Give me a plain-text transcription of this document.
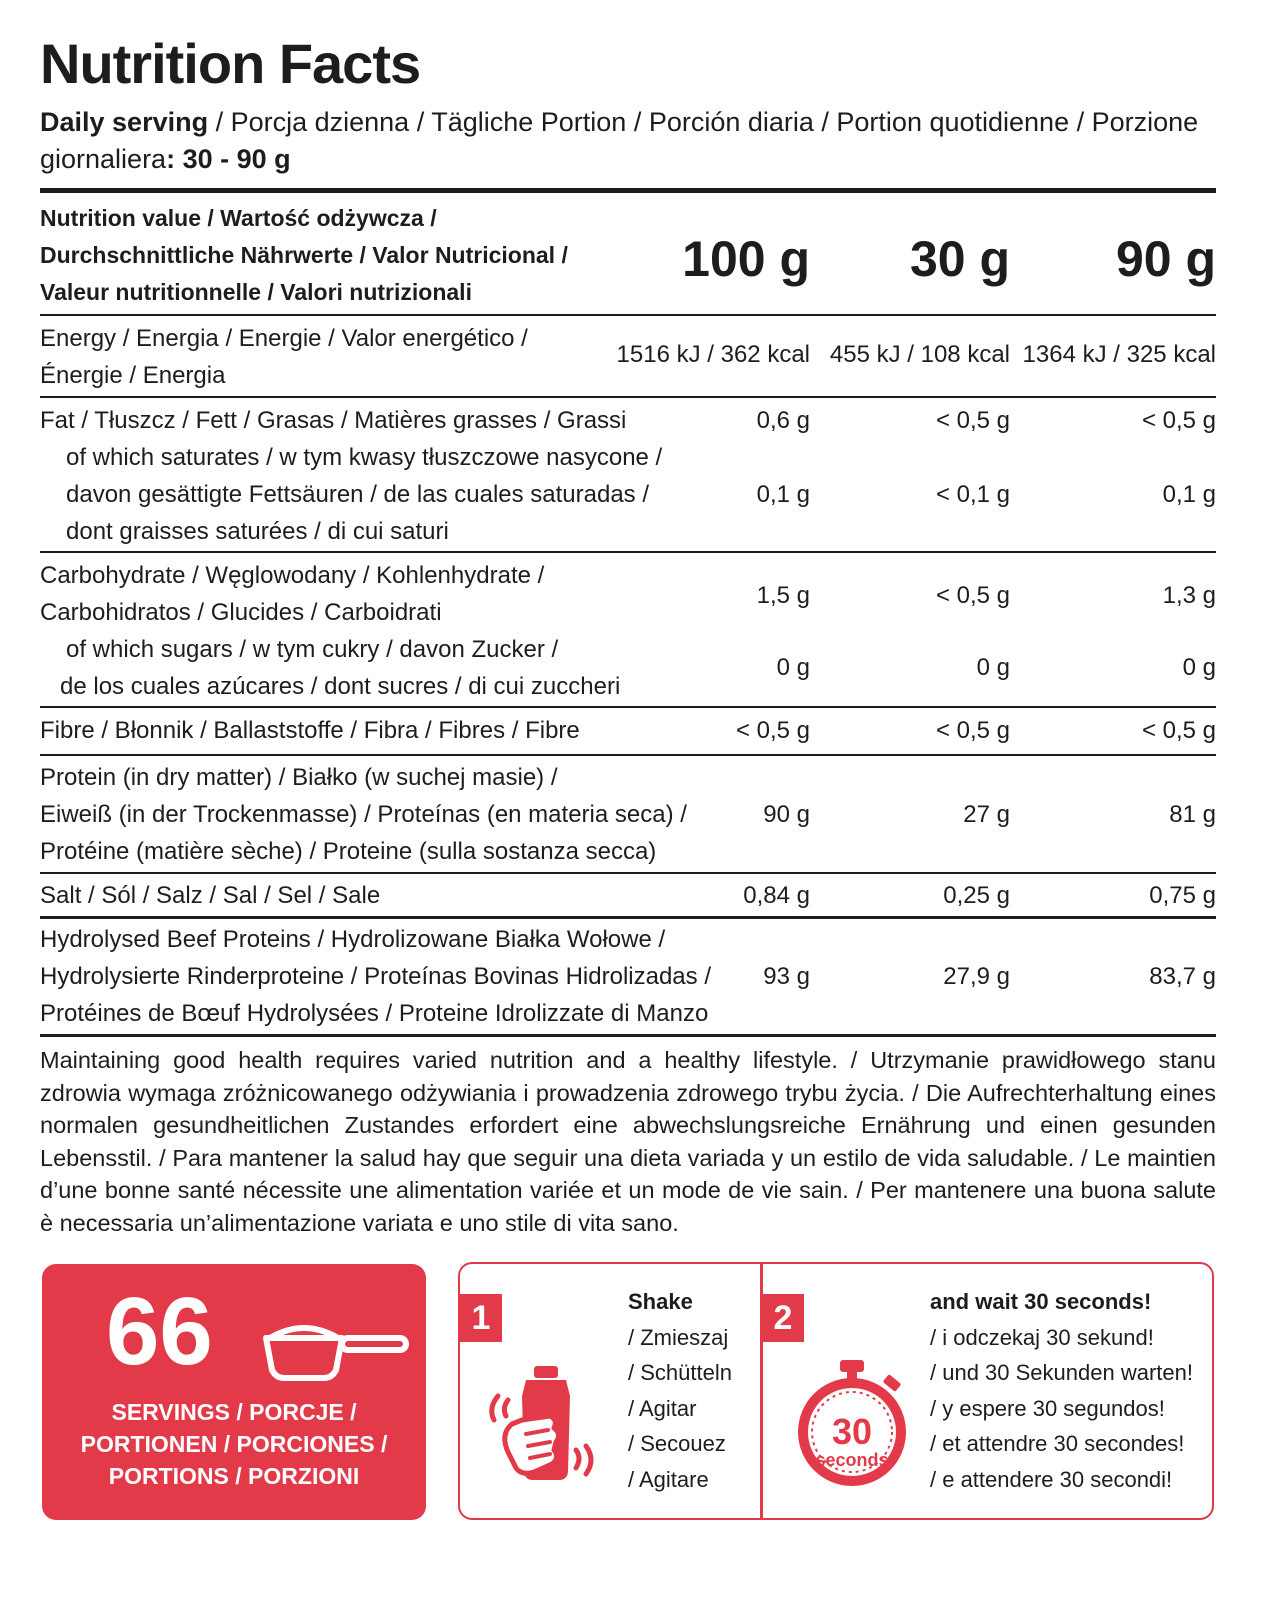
Nutrition Facts
Daily serving / Porcja dzienna / Tägliche Portion / Porción diaria / Portion quotidienne / Porzione giornaliera: 30 - 90 g
Nutrition value / Wartość odżywcza /
Durchschnittliche Nährwerte / Valor Nutricional /
Valeur nutritionnelle / Valori nutrizionali
100 g 30 g 90 g
Energy / Energia / Energie / Valor energético /
Énergie / Energia
1516 kJ / 362 kcal 455 kJ / 108 kcal 1364 kJ / 325 kcal
Fat / Tłuszcz / Fett / Grasas / Matières grasses / Grassi	0,6 g	< 0,5 g	< 0,5 g
of which saturates / w tym kwasy tłuszczowe nasycone /
davon gesättigte Fettsäuren / de las cuales saturadas /
dont graisses saturées / di cui saturi
0,1 g	< 0,1 g	0,1 g
Carbohydrate / Węglowodany / Kohlenhydrate /
Carbohidratos / Glucides / Carboidrati
1,5 g	< 0,5 g	1,3 g
of which sugars / w tym cukry / davon Zucker /
de los cuales azúcares / dont sucres / di cui zuccheri
0 g	0 g	0 g
Fibre / Błonnik / Ballaststoffe / Fibra / Fibres / Fibre	< 0,5 g	< 0,5 g	< 0,5 g
Protein (in dry matter) / Białko (w suchej masie) /
Eiweiß (in der Trockenmasse) / Proteínas (en materia seca) /
Protéine (matière sèche) / Proteine (sulla sostanza secca)
90 g	27 g	81 g
Salt / Sól / Salz / Sal / Sel / Sale	0,84 g	0,25 g	0,75 g
Hydrolysed Beef Proteins / Hydrolizowane Białka Wołowe /
Hydrolysierte Rinderproteine / Proteínas Bovinas Hidrolizadas /
Protéines de Bœuf Hydrolysées / Proteine Idrolizzate di Manzo
93 g	27,9 g	83,7 g
Maintaining good health requires varied nutrition and a healthy lifestyle. / Utrzymanie prawidłowego stanu zdrowia wymaga zróżnicowanego odżywiania i prowadzenia zdrowego trybu życia. / Die Aufrechterhaltung eines normalen gesundheitlichen Zustandes erfordert eine abwechslungsreiche Ernährung und einen gesunden Lebensstil. / Para mantener la salud hay que seguir una dieta variada y un estilo de vida saludable. / Le maintien d’une bonne santé nécessite une alimentation variée et un mode de vie sain. / Per mantenere una buona salute è necessaria un’alimentazione variata e uno stile di vita sano.
66
SERVINGS / PORCJE /
PORTIONEN / PORCIONES /
PORTIONS / PORZIONI
1	Shake
/ Zmieszaj
/ Schütteln
/ Agitar
/ Secouez
/ Agitare
2
30
seconds
and wait 30 seconds!
/ i odczekaj 30 sekund!
/ und 30 Sekunden warten!
/ y espere 30 segundos!
/ et attendre 30 secondes!
/ e attendere 30 secondi!
